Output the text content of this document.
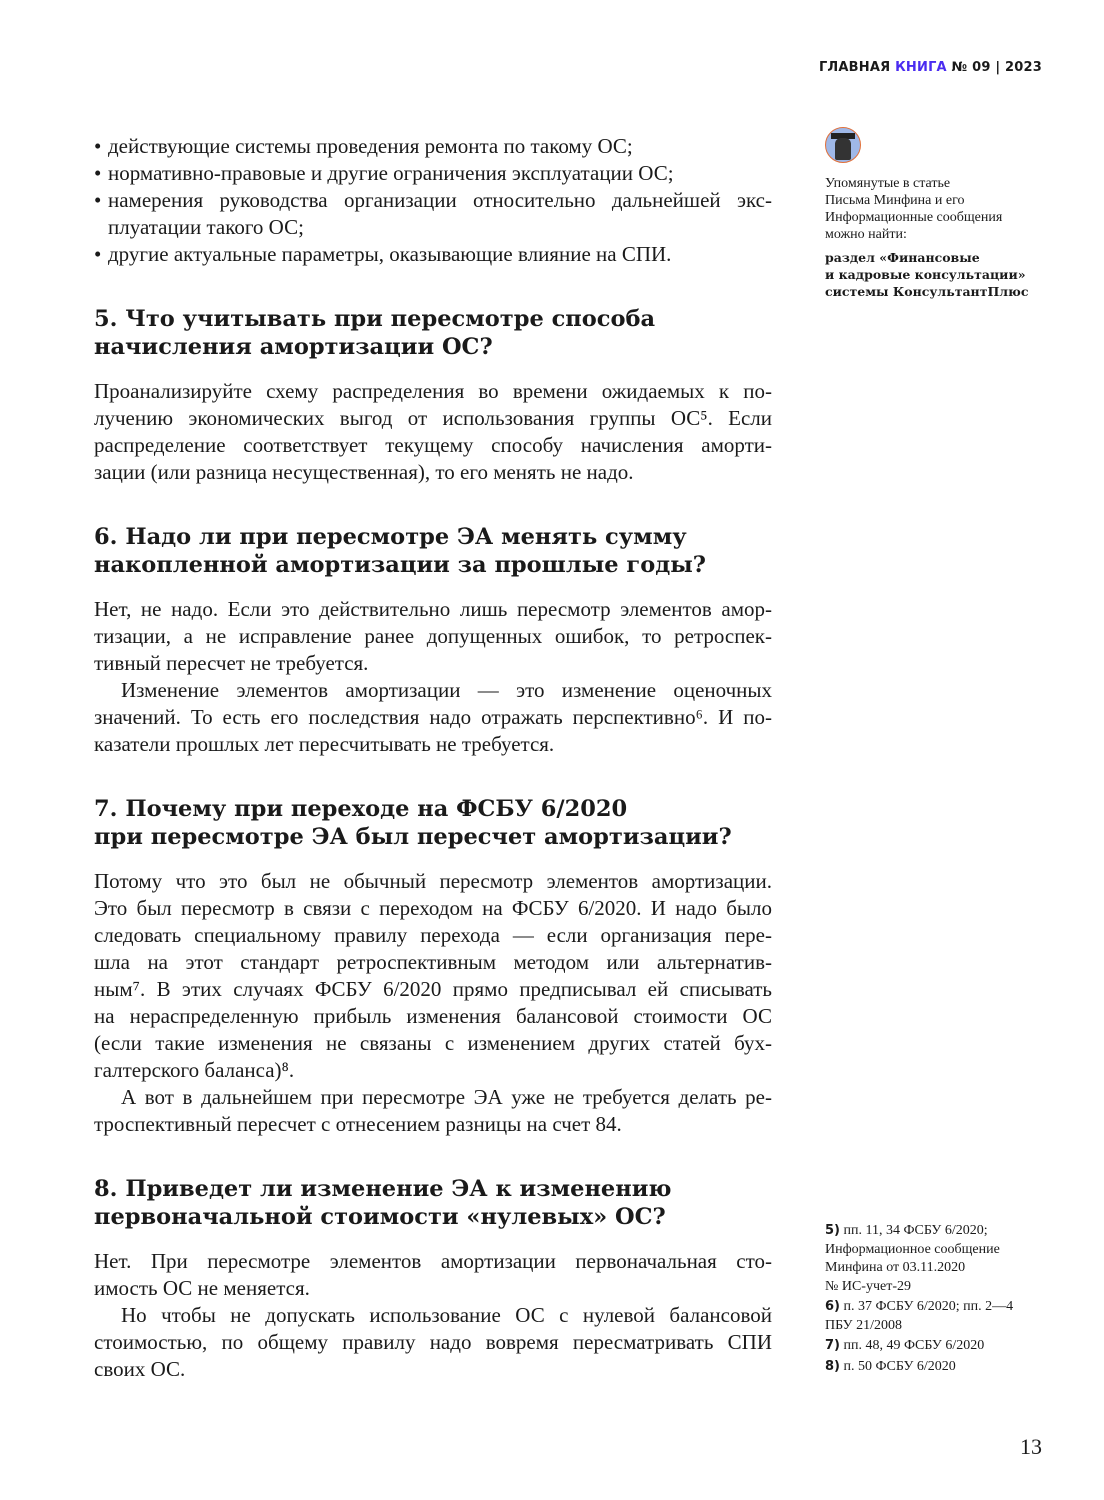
ГЛАВНАЯ КНИГА № 09 | 2023
• действующие системы проведения ремонта по такому ОС;
• нормативно-правовые и другие ограничения эксплуатации ОС;
• намерения руководства организации относительно дальнейшей экс-
плуатации такого ОС;
• другие актуальные параметры, оказывающие влияние на СПИ.
5. Что учитывать при пересмотре способа
начисления амортизации ОС?
Проанализируйте схему распределения во времени ожидаемых к по-
лучению экономических выгод от использования группы ОС⁵. Если
распределение соответствует текущему способу начисления аморти-
зации (или разница несущественная), то его менять не надо.
6. Надо ли при пересмотре ЭА менять сумму
накопленной амортизации за прошлые годы?
Нет, не надо. Если это действительно лишь пересмотр элементов амор-
тизации, а не исправление ранее допущенных ошибок, то ретроспек-
тивный пересчет не требуется.
Изменение элементов амортизации — это изменение оценочных
значений. То есть его последствия надо отражать перспективно⁶. И по-
казатели прошлых лет пересчитывать не требуется.
7. Почему при переходе на ФСБУ 6/2020
при пересмотре ЭА был пересчет амортизации?
Потому что это был не обычный пересмотр элементов амортизации.
Это был пересмотр в связи с переходом на ФСБУ 6/2020. И надо было
следовать специальному правилу перехода — если организация пере-
шла на этот стандарт ретроспективным методом или альтернатив-
ным⁷. В этих случаях ФСБУ 6/2020 прямо предписывал ей списывать
на нераспределенную прибыль изменения балансовой стоимости ОС
(если такие изменения не связаны с изменением других статей бух-
галтерского баланса)⁸.
А вот в дальнейшем при пересмотре ЭА уже не требуется делать ре-
троспективный пересчет с отнесением разницы на счет 84.
8. Приведет ли изменение ЭА к изменению
первоначальной стоимости «нулевых» ОС?
Нет. При пересмотре элементов амортизации первоначальная сто-
имость ОС не меняется.
Но чтобы не допускать использование ОС с нулевой балансовой
стоимостью, по общему правилу надо вовремя пересматривать СПИ
своих ОС.
Упомянутые в статье
Письма Минфина и его
Информационные сообщения
можно найти:
раздел «Финансовые
и кадровые консультации»
системы КонсультантПлюс
5) пп. 11, 34 ФСБУ 6/2020;
Информационное сообщение
Минфина от 03.11.2020
№ ИС-учет-29
6) п. 37 ФСБУ 6/2020; пп. 2—4
ПБУ 21/2008
7) пп. 48, 49 ФСБУ 6/2020
8) п. 50 ФСБУ 6/2020
13
